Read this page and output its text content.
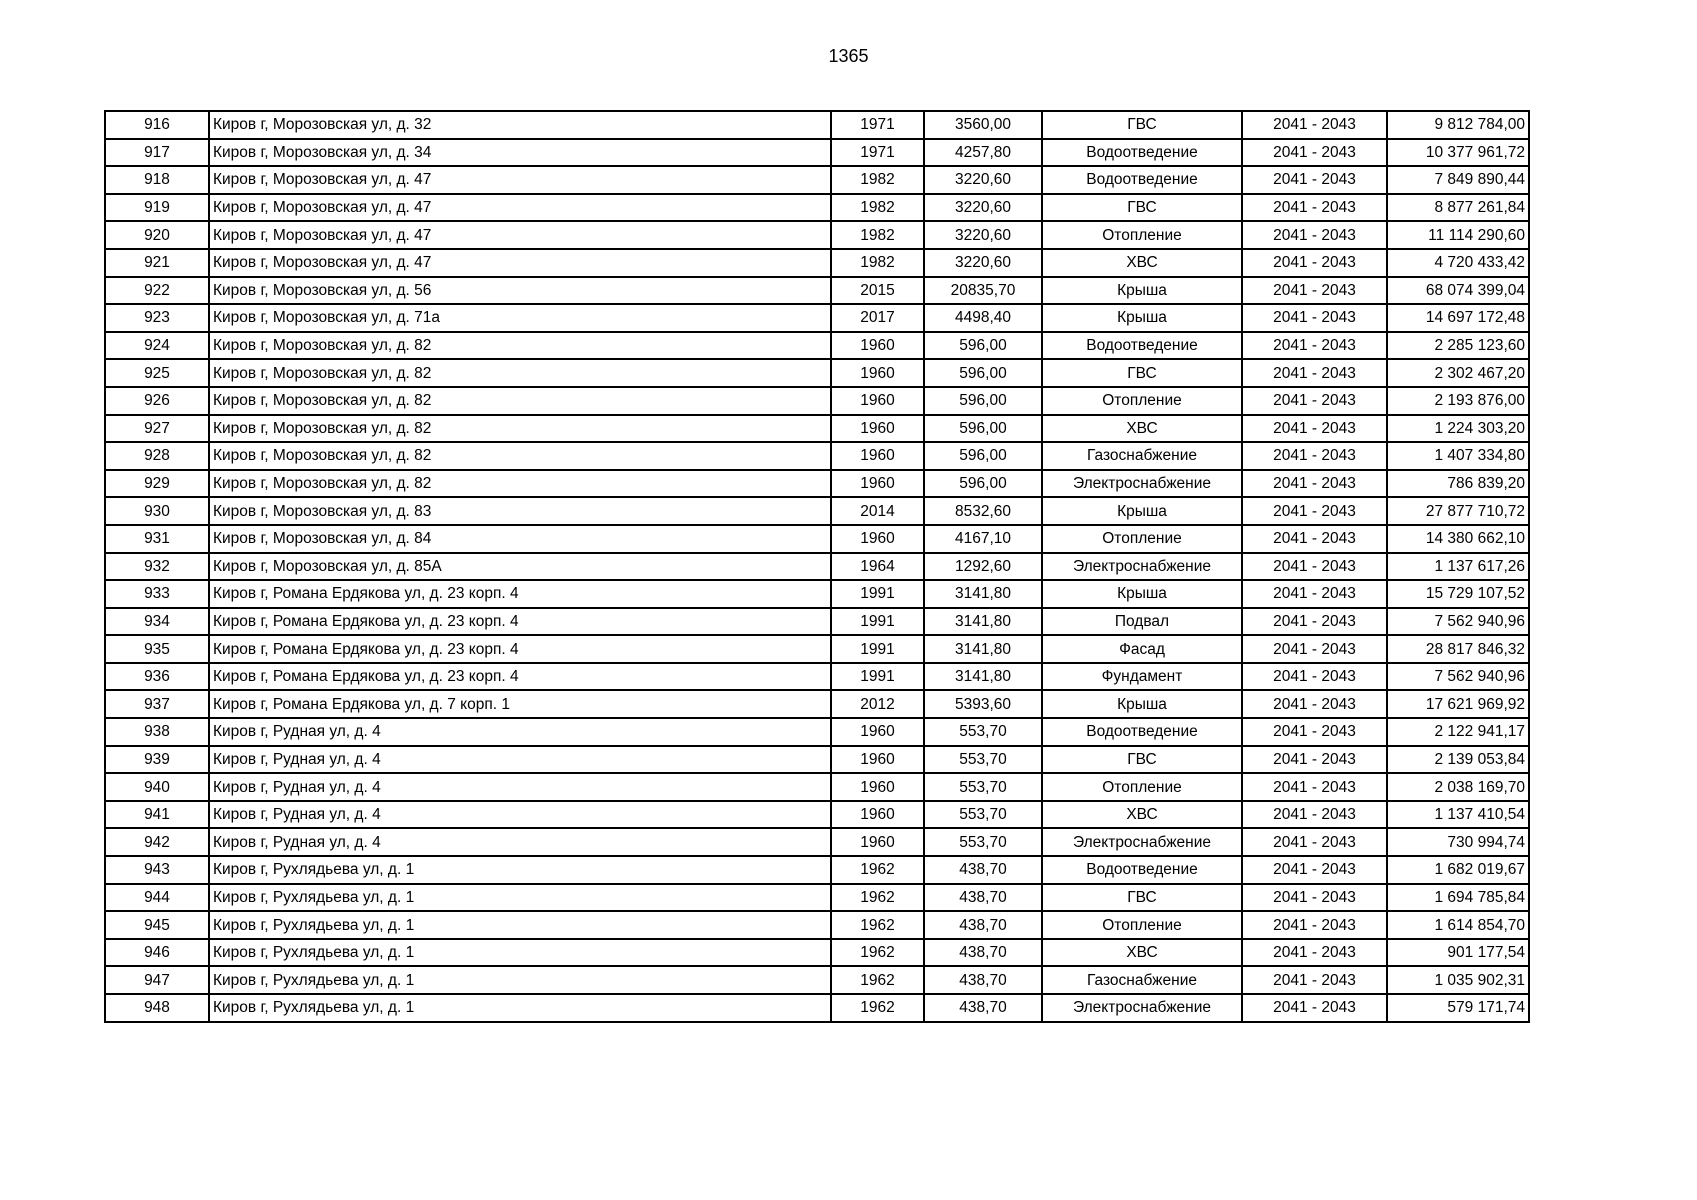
1365
916	Киров г, Морозовская ул, д. 32	1971	3560,00	ГВС	2041 - 2043	9 812 784,00
917	Киров г, Морозовская ул, д. 34	1971	4257,80	Водоотведение	2041 - 2043	10 377 961,72
918	Киров г, Морозовская ул, д. 47	1982	3220,60	Водоотведение	2041 - 2043	7 849 890,44
919	Киров г, Морозовская ул, д. 47	1982	3220,60	ГВС	2041 - 2043	8 877 261,84
920	Киров г, Морозовская ул, д. 47	1982	3220,60	Отопление	2041 - 2043	11 114 290,60
921	Киров г, Морозовская ул, д. 47	1982	3220,60	ХВС	2041 - 2043	4 720 433,42
922	Киров г, Морозовская ул, д. 56	2015	20835,70	Крыша	2041 - 2043	68 074 399,04
923	Киров г, Морозовская ул, д. 71а	2017	4498,40	Крыша	2041 - 2043	14 697 172,48
924	Киров г, Морозовская ул, д. 82	1960	596,00	Водоотведение	2041 - 2043	2 285 123,60
925	Киров г, Морозовская ул, д. 82	1960	596,00	ГВС	2041 - 2043	2 302 467,20
926	Киров г, Морозовская ул, д. 82	1960	596,00	Отопление	2041 - 2043	2 193 876,00
927	Киров г, Морозовская ул, д. 82	1960	596,00	ХВС	2041 - 2043	1 224 303,20
928	Киров г, Морозовская ул, д. 82	1960	596,00	Газоснабжение	2041 - 2043	1 407 334,80
929	Киров г, Морозовская ул, д. 82	1960	596,00	Электроснабжение	2041 - 2043	786 839,20
930	Киров г, Морозовская ул, д. 83	2014	8532,60	Крыша	2041 - 2043	27 877 710,72
931	Киров г, Морозовская ул, д. 84	1960	4167,10	Отопление	2041 - 2043	14 380 662,10
932	Киров г, Морозовская ул, д. 85А	1964	1292,60	Электроснабжение	2041 - 2043	1 137 617,26
933	Киров г, Романа Ердякова ул, д. 23 корп. 4	1991	3141,80	Крыша	2041 - 2043	15 729 107,52
934	Киров г, Романа Ердякова ул, д. 23 корп. 4	1991	3141,80	Подвал	2041 - 2043	7 562 940,96
935	Киров г, Романа Ердякова ул, д. 23 корп. 4	1991	3141,80	Фасад	2041 - 2043	28 817 846,32
936	Киров г, Романа Ердякова ул, д. 23 корп. 4	1991	3141,80	Фундамент	2041 - 2043	7 562 940,96
937	Киров г, Романа Ердякова ул, д. 7 корп. 1	2012	5393,60	Крыша	2041 - 2043	17 621 969,92
938	Киров г, Рудная ул, д. 4	1960	553,70	Водоотведение	2041 - 2043	2 122 941,17
939	Киров г, Рудная ул, д. 4	1960	553,70	ГВС	2041 - 2043	2 139 053,84
940	Киров г, Рудная ул, д. 4	1960	553,70	Отопление	2041 - 2043	2 038 169,70
941	Киров г, Рудная ул, д. 4	1960	553,70	ХВС	2041 - 2043	1 137 410,54
942	Киров г, Рудная ул, д. 4	1960	553,70	Электроснабжение	2041 - 2043	730 994,74
943	Киров г, Рухлядьева ул, д. 1	1962	438,70	Водоотведение	2041 - 2043	1 682 019,67
944	Киров г, Рухлядьева ул, д. 1	1962	438,70	ГВС	2041 - 2043	1 694 785,84
945	Киров г, Рухлядьева ул, д. 1	1962	438,70	Отопление	2041 - 2043	1 614 854,70
946	Киров г, Рухлядьева ул, д. 1	1962	438,70	ХВС	2041 - 2043	901 177,54
947	Киров г, Рухлядьева ул, д. 1	1962	438,70	Газоснабжение	2041 - 2043	1 035 902,31
948	Киров г, Рухлядьева ул, д. 1	1962	438,70	Электроснабжение	2041 - 2043	579 171,74
